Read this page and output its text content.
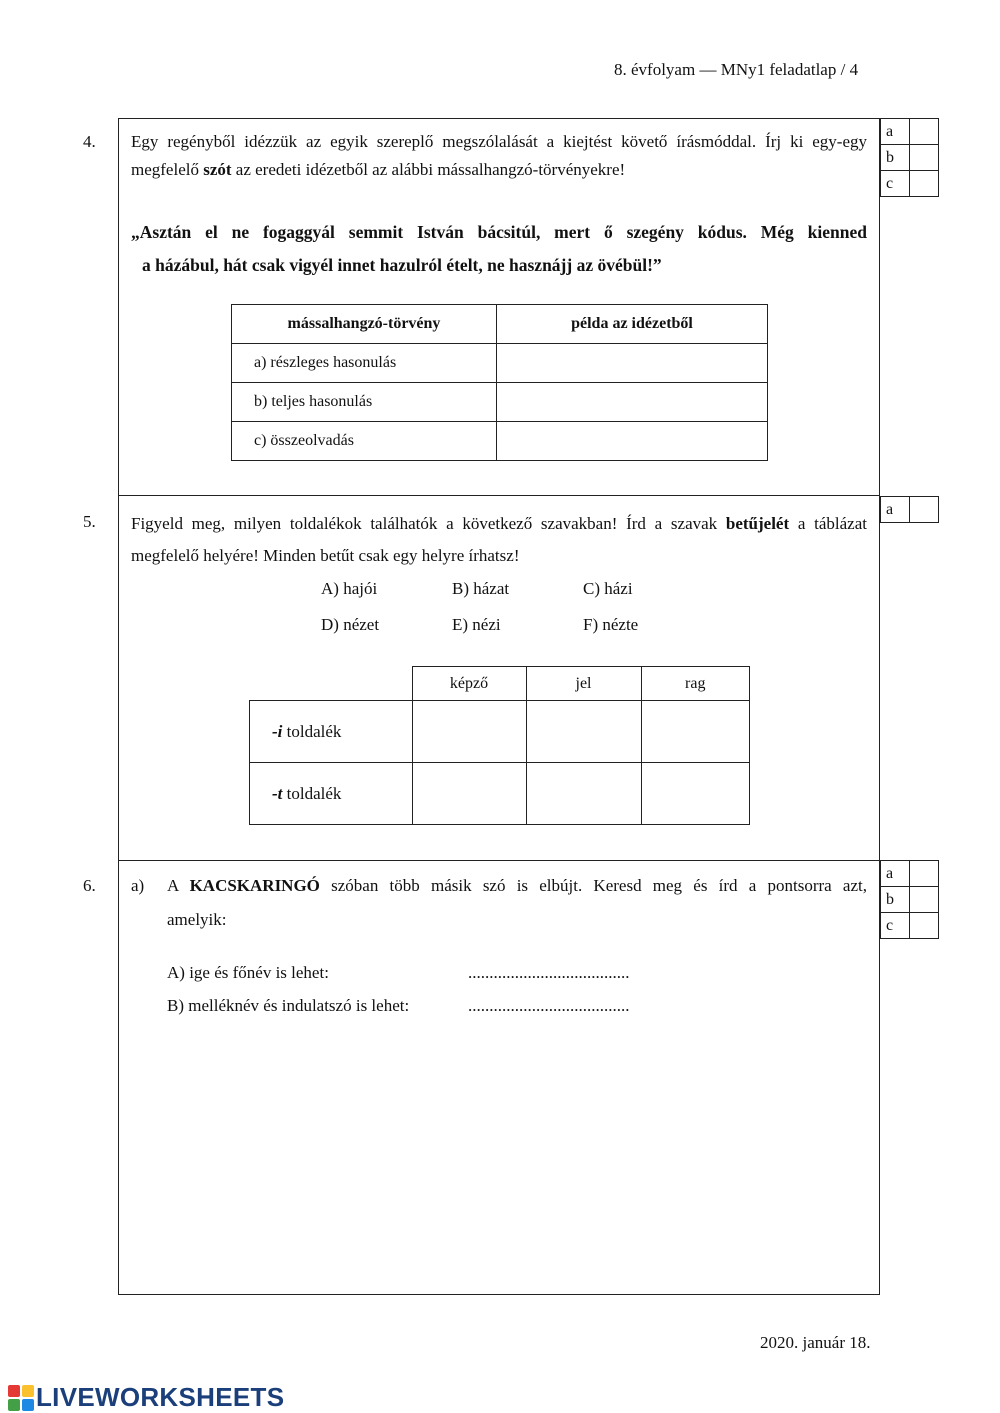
8. évfolyam — MNy1 feladatlap / 4
4. Egy regényből idézzük az egyik szereplő megszólalását a kiejtést követő írásmóddal. Írj ki egy-egy megfelelő szót az eredeti idézetből az alábbi mássalhangzó-törvényekre!
„Asztán el ne fogaggyál semmit István bácsitúl, mert ő szegény kódus. Még kienned
a házábul, hát csak vigyél innet hazulról ételt, ne hasznájj az övébül!”
mássalhangzó-törvény	példa az idézetből
a) részleges hasonulás	
b) teljes hasonulás	
c) összeolvadás	
a	
b	
c	
5. Figyeld meg, milyen toldalékok találhatók a következő szavakban! Írd a szavak betűjelét a táblázat megfelelő helyére! Minden betűt csak egy helyre írhatsz!
A) hajói	B) házat	C) házi
D) nézet	E) nézi	F) nézte
	képző	jel	rag
-i toldalék			
-t toldalék			
a	
6. a) A KACSKARINGÓ szóban több másik szó is elbújt. Keresd meg és írd a pontsorra azt,
amelyik:
A) ige és főnév is lehet:	......................................
B) melléknév és indulatszó is lehet:	......................................
a	
b	
c	
2020. január 18.
LIVEWORKSHEETS
